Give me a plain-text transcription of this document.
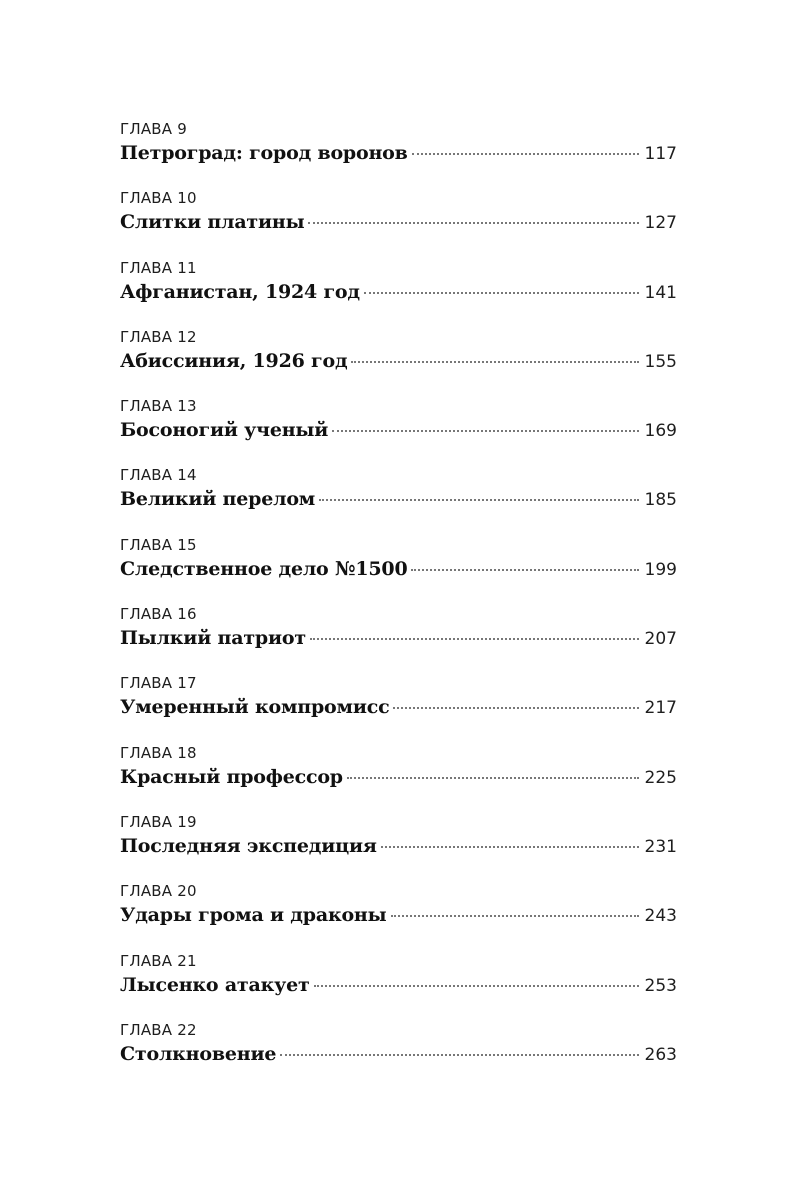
ГЛАВА 9
Петроград: город воронов	117
ГЛАВА 10
Слитки платины	127
ГЛАВА 11
Афганистан, 1924 год	141
ГЛАВА 12
Абиссиния, 1926 год	155
ГЛАВА 13
Босоногий ученый	169
ГЛАВА 14
Великий перелом	185
ГЛАВА 15
Следственное дело №1500	199
ГЛАВА 16
Пылкий патриот	207
ГЛАВА 17
Умеренный компромисс	217
ГЛАВА 18
Красный профессор	225
ГЛАВА 19
Последняя экспедиция	231
ГЛАВА 20
Удары грома и драконы	243
ГЛАВА 21
Лысенко атакует	253
ГЛАВА 22
Столкновение	263
